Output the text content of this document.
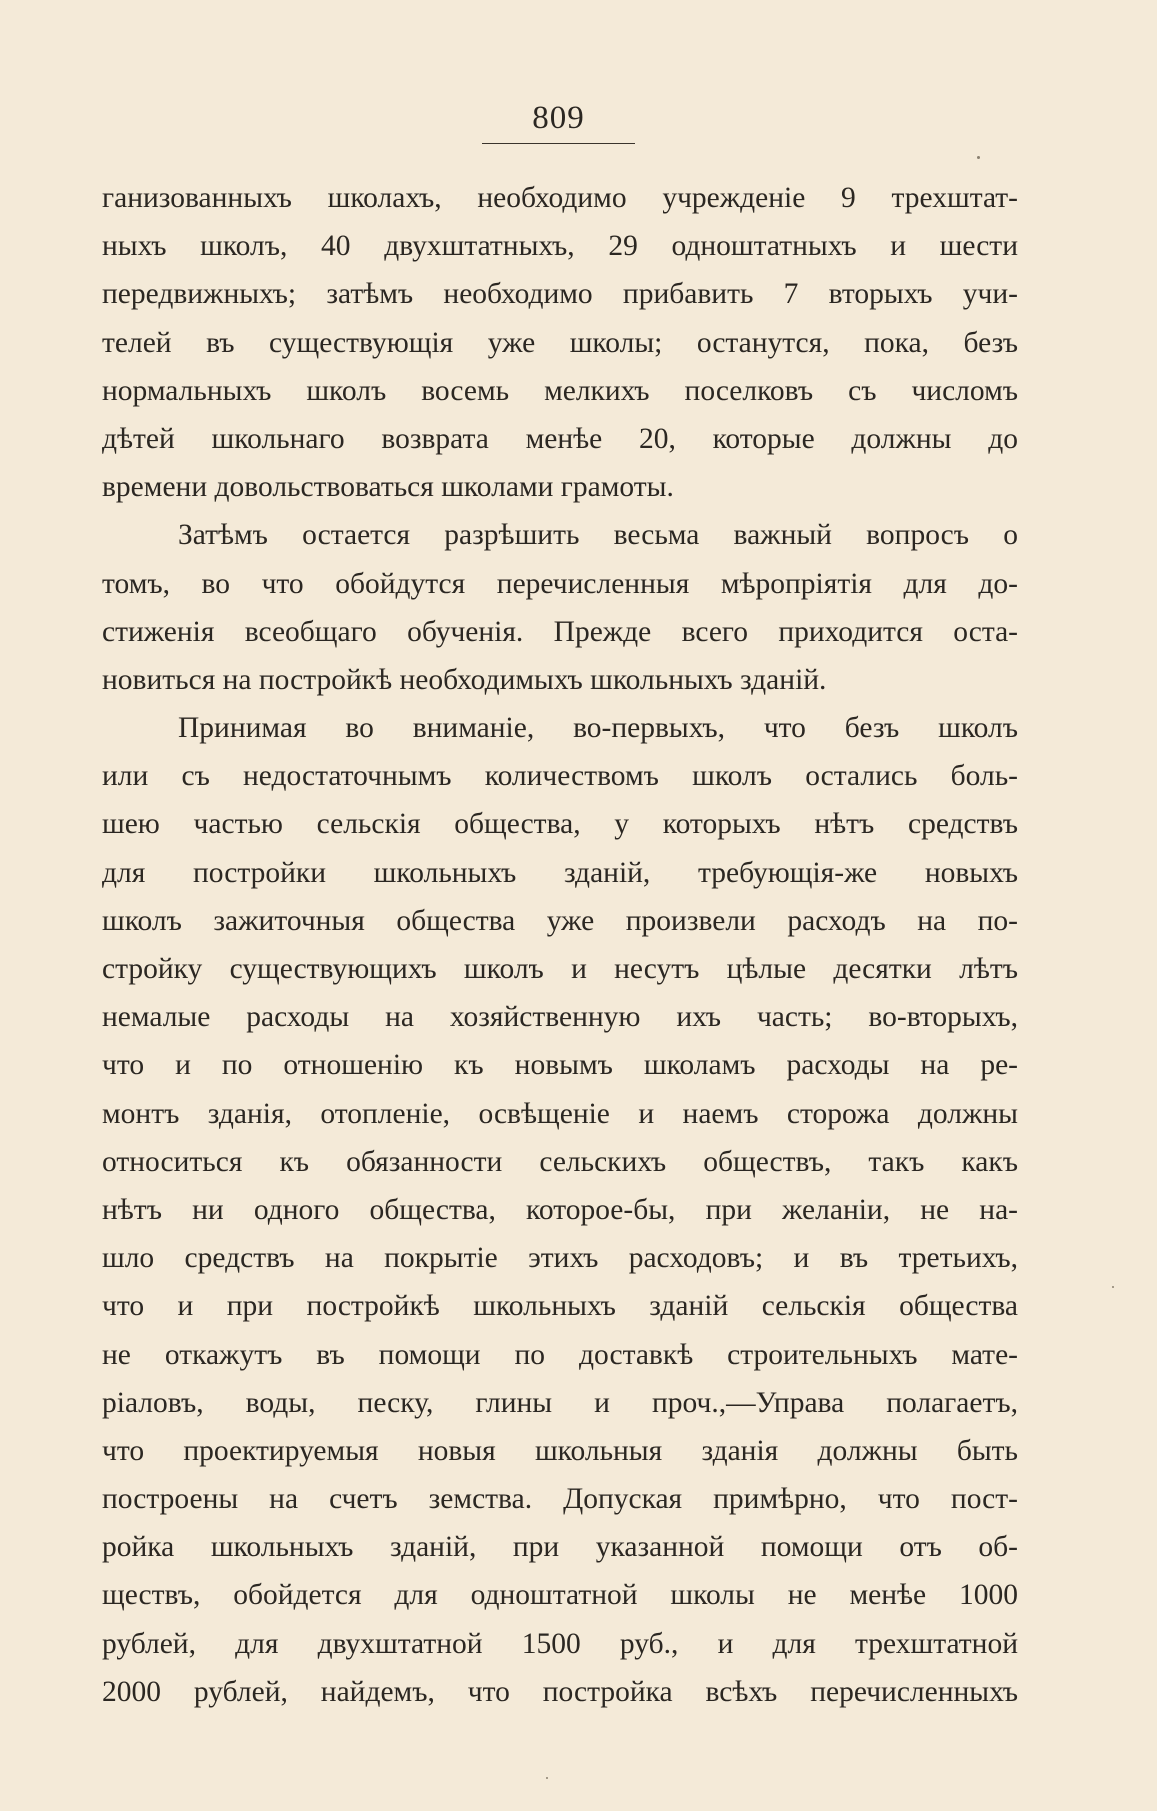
809
ганизованныхъ школахъ, необходимо учрежденіе 9 трехштат-
ныхъ школъ, 40 двухштатныхъ, 29 одноштатныхъ и шести
передвижныхъ; затѣмъ необходимо прибавить 7 вторыхъ учи-
телей въ существующія уже школы; останутся, пока, безъ
нормальныхъ школъ восемь мелкихъ поселковъ съ числомъ
дѣтей школьнаго возврата менѣе 20, которые должны до
времени довольствоваться школами грамоты.
Затѣмъ остается разрѣшить весьма важный вопросъ о
томъ, во что обойдутся перечисленныя мѣропріятія для до-
стиженія всеобщаго обученія. Прежде всего приходится оста-
новиться на постройкѣ необходимыхъ школьныхъ зданій.
Принимая во вниманіе, во-первыхъ, что безъ школъ
или съ недостаточнымъ количествомъ школъ остались боль-
шею частью сельскія общества, у которыхъ нѣтъ средствъ
для постройки школьныхъ зданій, требующія-же новыхъ
школъ зажиточныя общества уже произвели расходъ на по-
стройку существующихъ школъ и несутъ цѣлые десятки лѣтъ
немалые расходы на хозяйственную ихъ часть; во-вторыхъ,
что и по отношенію къ новымъ школамъ расходы на ре-
монтъ зданія, отопленіе, освѣщеніе и наемъ сторожа должны
относиться къ обязанности сельскихъ обществъ, такъ какъ
нѣтъ ни одного общества, которое-бы, при желаніи, не на-
шло средствъ на покрытіе этихъ расходовъ; и въ третьихъ,
что и при постройкѣ школьныхъ зданій сельскія общества
не откажутъ въ помощи по доставкѣ строительныхъ мате-
ріаловъ, воды, песку, глины и проч.,—Управа полагаетъ,
что проектируемыя новыя школьныя зданія должны быть
построены на счетъ земства. Допуская примѣрно, что пост-
ройка школьныхъ зданій, при указанной помощи отъ об-
ществъ, обойдется для одноштатной школы не менѣе 1000
рублей, для двухштатной 1500 руб., и для трехштатной
2000 рублей, найдемъ, что постройка всѣхъ перечисленныхъ
